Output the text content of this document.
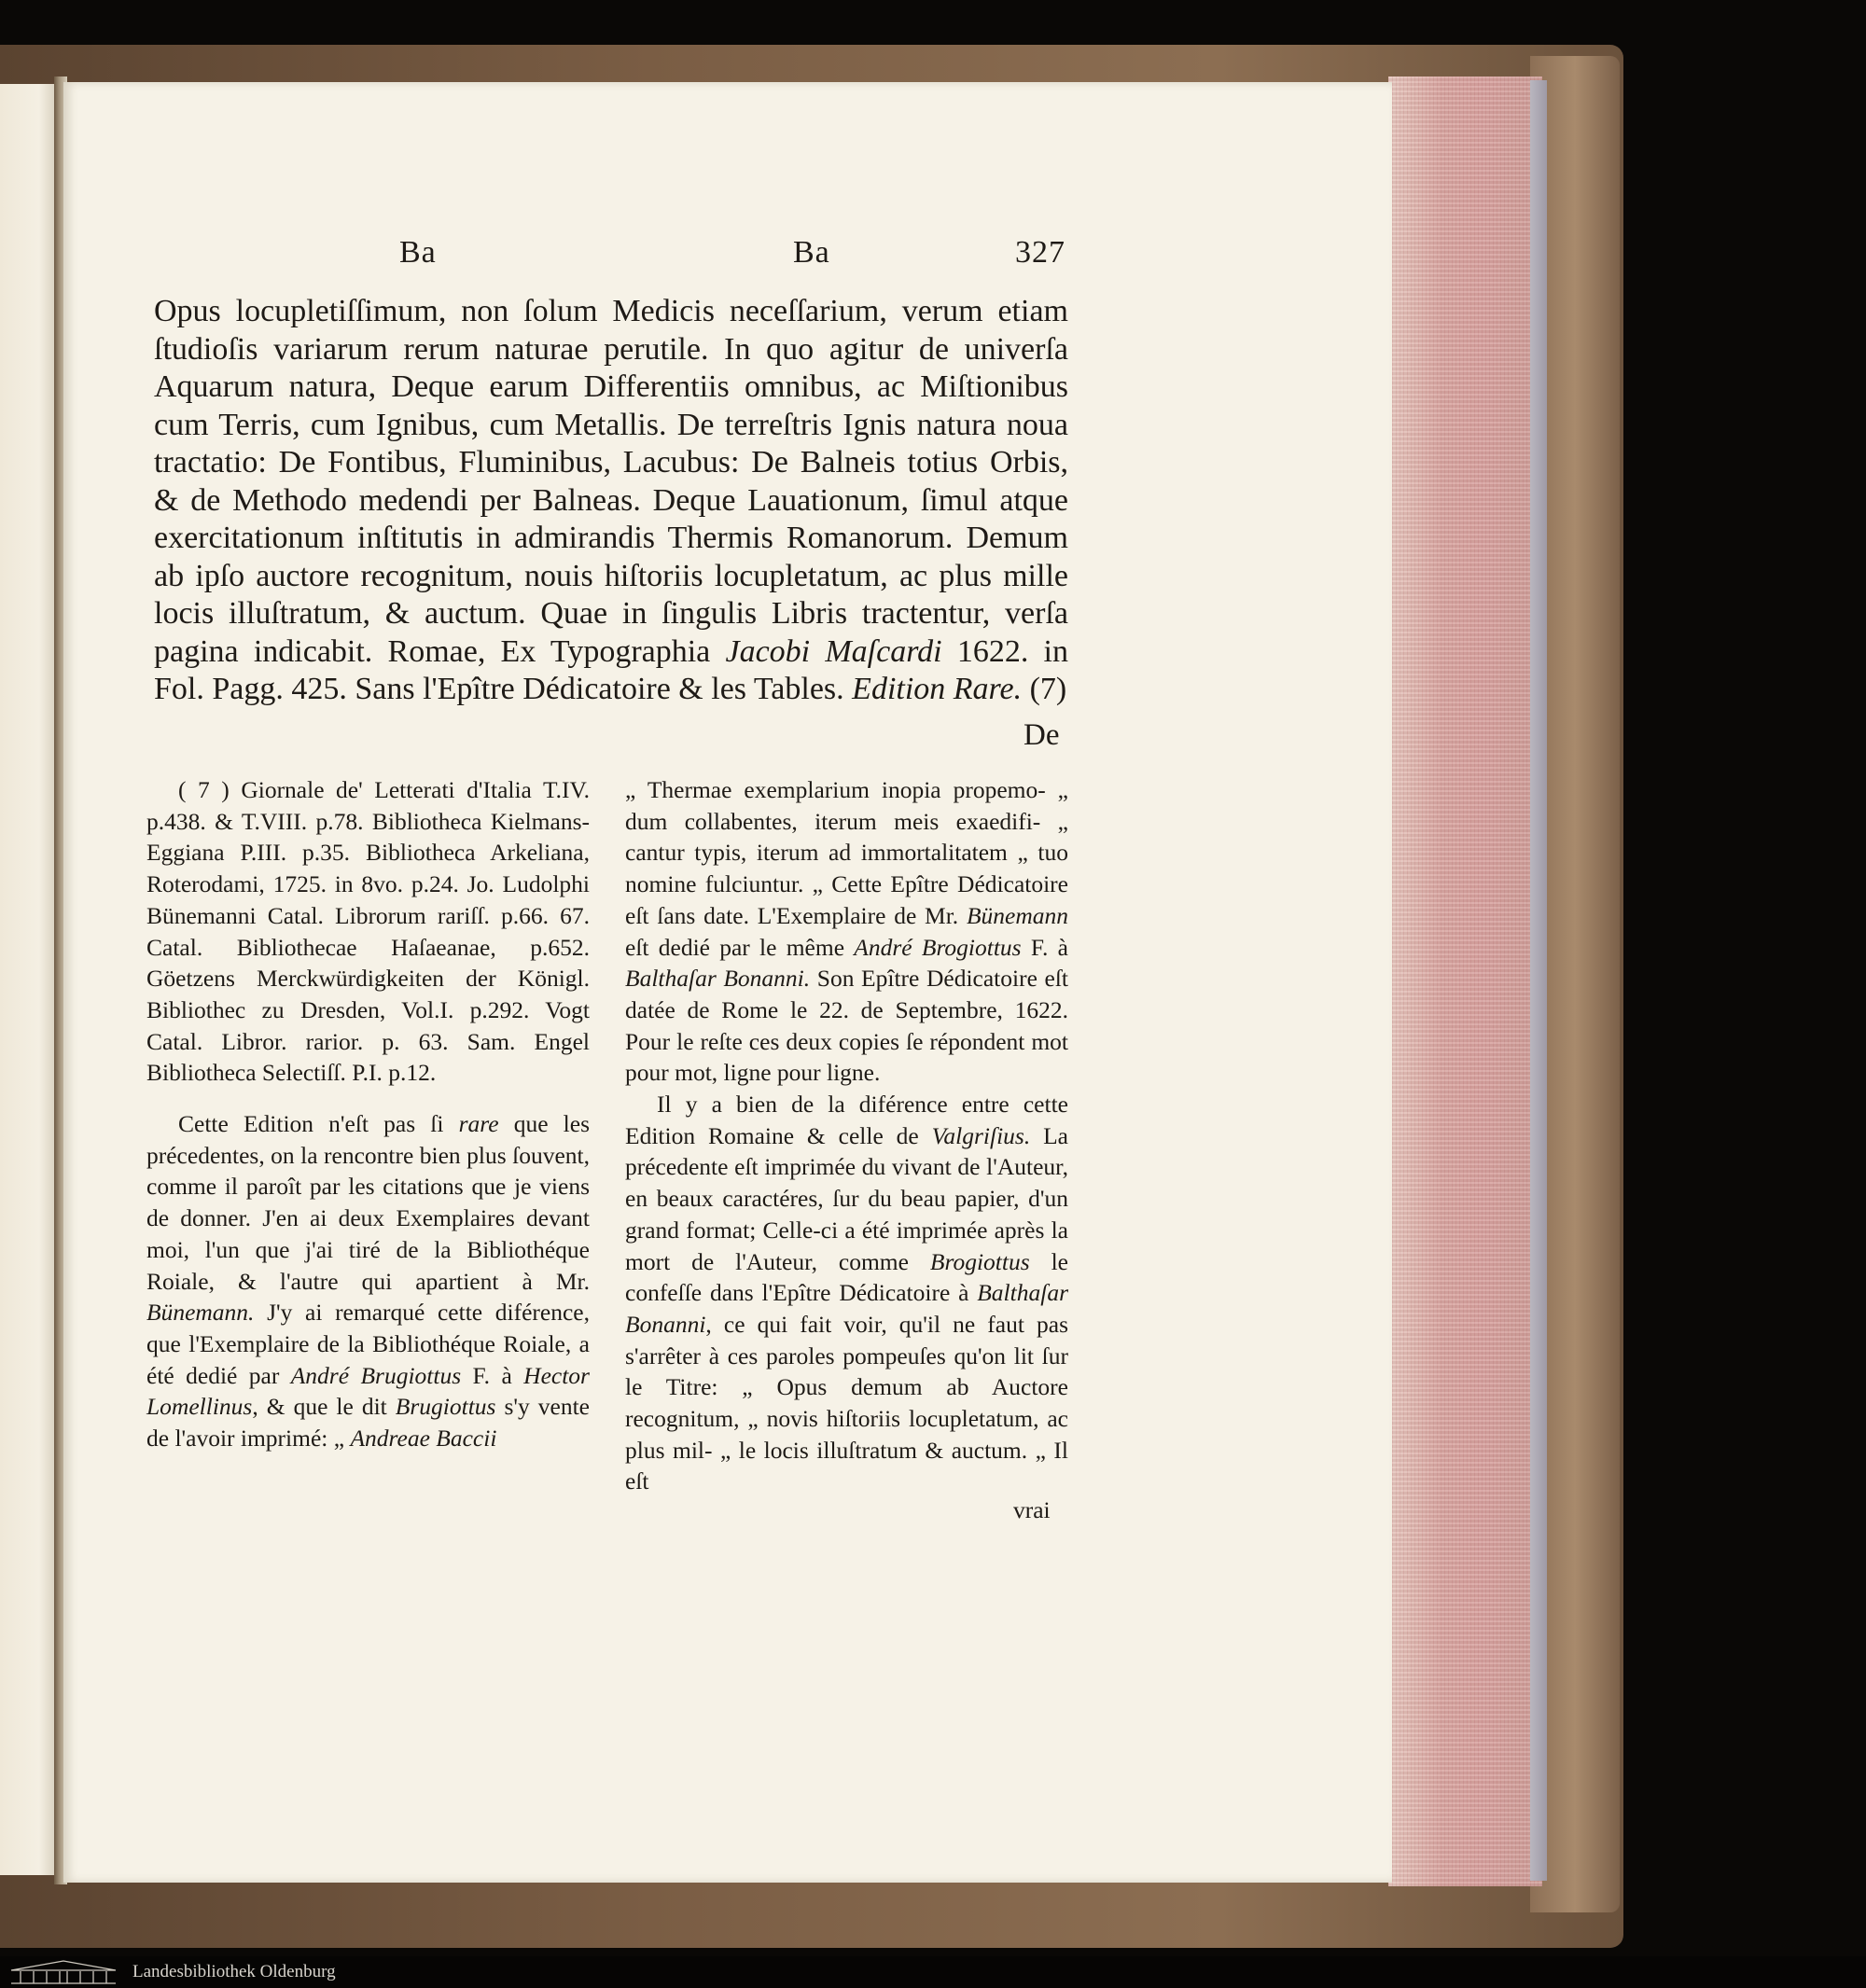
Ba	Ba	327

Opus locupletiſſimum, non ſolum Medicis neceſſarium, verum etiam ſtudioſis variarum rerum naturae perutile. In quo agitur de univerſa Aquarum natura, Deque earum Differentiis omnibus, ac Miſtionibus cum Terris, cum Ignibus, cum Metallis. De terreſtris Ignis natura noua tractatio: De Fontibus, Fluminibus, Lacubus: De Balneis totius Orbis, & de Methodo medendi per Balneas. Deque Lauationum, ſimul atque exercitationum inſtitutis in admirandis Thermis Romanorum. Demum ab ipſo auctore recognitum, nouis hiſtoriis locupletatum, ac plus mille locis illuſtratum, & auctum. Quae in ſingulis Libris tractentur, verſa pagina indicabit. Romae, Ex Typographia Jacobi Maſcardi 1622. in Fol. Pagg. 425. Sans l'Epître Dédicatoire & les Tables. Edition Rare. (7)

De

( 7 ) Giornale de' Letterati d'Italia T.IV. p.438. & T.VIII. p.78. Bibliotheca Kielmans-Eggiana P.III. p.35. Bibliotheca Arkeliana, Roterodami, 1725. in 8vo. p.24. Jo. Ludolphi Bünemanni Catal. Librorum rariſſ. p.66. 67. Catal. Bibliothecae Haſaeanae, p.652. Göetzens Merckwürdigkeiten der Königl. Bibliothec zu Dresden, Vol.I. p.292. Vogt Catal. Libror. rarior. p. 63. Sam. Engel Bibliotheca Selectiſſ. P.I. p.12.

Cette Edition n'eſt pas ſi rare que les précedentes, on la rencontre bien plus ſouvent, comme il paroît par les citations que je viens de donner. J'en ai deux Exemplaires devant moi, l'un que j'ai tiré de la Bibliothéque Roiale, & l'autre qui apartient à Mr. Bünemann. J'y ai remarqué cette diférence, que l'Exemplaire de la Bibliothéque Roiale, a été dedié par André Brugiottus F. à Hector Lomellinus, & que le dit Brugiottus s'y vente de l'avoir imprimé: „ Andreae Baccii

„ Thermae exemplarium inopia propemo- „ dum collabentes, iterum meis exaedifi- „ cantur typis, iterum ad immortalitatem „ tuo nomine fulciuntur. „ Cette Epître Dédicatoire eſt ſans date. L'Exemplaire de Mr. Bünemann eſt dedié par le même André Brogiottus F. à Balthaſar Bonanni. Son Epître Dédicatoire eſt datée de Rome le 22. de Septembre, 1622. Pour le reſte ces deux copies ſe répondent mot pour mot, ligne pour ligne.

Il y a bien de la diférence entre cette Edition Romaine & celle de Valgriſius. La précedente eſt imprimée du vivant de l'Auteur, en beaux caractéres, ſur du beau papier, d'un grand format; Celle-ci a été imprimée après la mort de l'Auteur, comme Brogiottus le confeſſe dans l'Epître Dédicatoire à Balthaſar Bonanni, ce qui fait voir, qu'il ne faut pas s'arrêter à ces paroles pompeuſes qu'on lit ſur le Titre: „ Opus demum ab Auctore recognitum, „ novis hiſtoriis locupletatum, ac plus mil- „ le locis illuſtratum & auctum. „ Il eſt

vrai
Landesbibliothek Oldenburg
